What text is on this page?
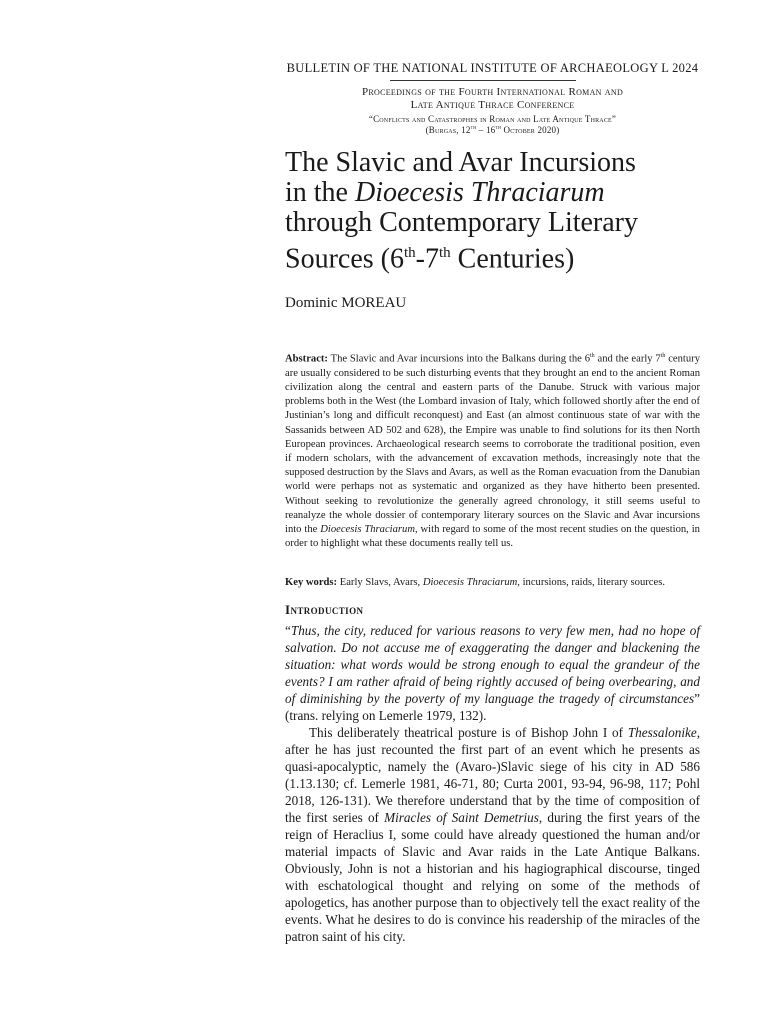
BULLETIN OF THE NATIONAL INSTITUTE OF ARCHAEOLOGY L 2024
Proceedings of the Fourth International Roman and
Late Antique Thrace Conference
“Conflicts and Catastrophes in Roman and Late Antique Thrace”
(Burgas, 12th – 16th October 2020)
The Slavic and Avar Incursions
in the Dioecesis Thraciarum
through Contemporary Literary
Sources (6th-7th Centuries)
Dominic MOREAU
Abstract: The Slavic and Avar incursions into the Balkans during the 6th and the early 7th century are usually considered to be such disturbing events that they brought an end to the ancient Roman civilization along the central and eastern parts of the Danube. Struck with various major problems both in the West (the Lombard invasion of Italy, which followed shortly after the end of Justinian’s long and difficult reconquest) and East (an almost continuous state of war with the Sassanids between AD 502 and 628), the Empire was unable to find solutions for its then North European provinces. Archaeological research seems to corroborate the traditional position, even if modern scholars, with the advancement of excavation methods, increasingly note that the supposed destruction by the Slavs and Avars, as well as the Roman evacuation from the Danubian world were perhaps not as systematic and organized as they have hitherto been presented. Without seeking to revolutionize the generally agreed chronology, it still seems useful to reanalyze the whole dossier of contemporary literary sources on the Slavic and Avar incursions into the Dioecesis Thraciarum, with regard to some of the most recent studies on the question, in order to highlight what these documents really tell us.
Key words: Early Slavs, Avars, Dioecesis Thraciarum, incursions, raids, literary sources.
Introduction

“Thus, the city, reduced for various reasons to very few men, had no hope of salvation. Do not accuse me of exaggerating the danger and blackening the situation: what words would be strong enough to equal the grandeur of the events? I am rather afraid of being rightly accused of being overbearing, and of diminishing by the poverty of my language the tragedy of circumstances” (trans. relying on Lemerle 1979, 132).

This deliberately theatrical posture is of Bishop John I of Thessalonike, after he has just recounted the first part of an event which he presents as quasi-apocalyptic, namely the (Avaro-)Slavic siege of his city in AD 586 (1.13.130; cf. Lemerle 1981, 46-71, 80; Curta 2001, 93-94, 96-98, 117; Pohl 2018, 126-131). We therefore understand that by the time of composition of the first series of Miracles of Saint Demetrius, during the first years of the reign of Heraclius I, some could have already questioned the human and/or material impacts of Slavic and Avar raids in the Late Antique Balkans. Obviously, John is not a historian and his hagiographical discourse, tinged with eschatological thought and relying on some of the methods of apologetics, has another purpose than to objectively tell the exact reality of the events. What he desires to do is convince his readership of the miracles of the patron saint of his city.
